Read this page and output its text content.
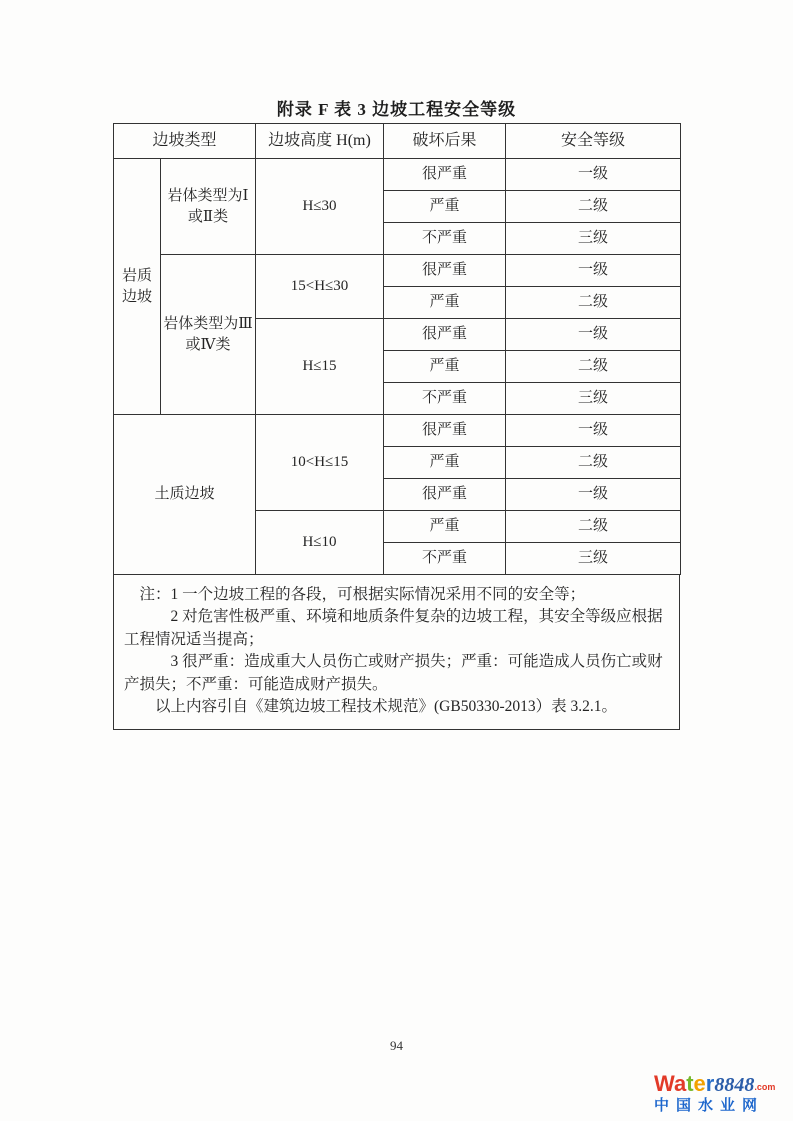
附录 F 表 3 边坡工程安全等级
边坡类型		边坡高度 H(m)	破坏后果	安全等级
岩质边坡	岩体类型为Ⅰ或Ⅱ类	H≤30	很严重	一级
			严重	二级
			不严重	三级
	岩体类型为Ⅲ或Ⅳ类	15<H≤30	很严重	一级
			严重	二级
		H≤15	很严重	一级
			严重	二级
			不严重	三级
土质边坡		10<H≤15	很严重	一级
			严重	二级
			很严重	一级
		H≤10	严重	二级
			不严重	三级

注：1 一个边坡工程的各段，可根据实际情况采用不同的安全等；

2 对危害性极严重、环境和地质条件复杂的边坡工程，其安全等级应根据工程情况适当提高；

3 很严重：造成重大人员伤亡或财产损失；严重：可能造成人员伤亡或财产损失；不严重：可能造成财产损失。

以上内容引自《建筑边坡工程技术规范》(GB50330-2013）表 3.2.1。

94
Water8848.com
中国水业网
